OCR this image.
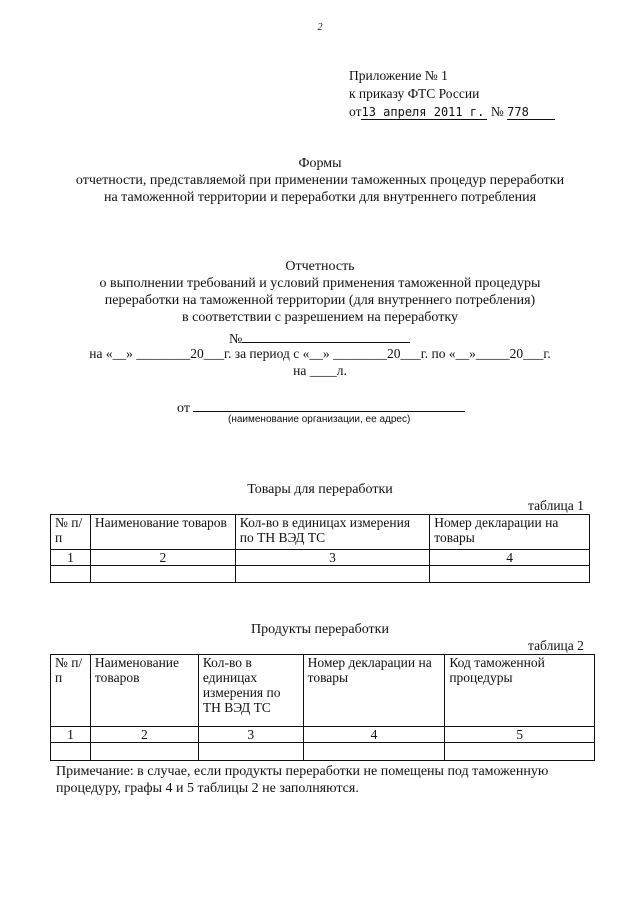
2
Приложение № 1
к приказу ФТС России
от13 апреля 2011 г. № 778
Формы
отчетности, представляемой при применении таможенных процедур переработки
на таможенной территории и переработки для внутреннего потребления
Отчетность
о выполнении требований и условий применения таможенной процедуры
переработки на таможенной территории (для внутреннего потребления)
в соответствии с разрешением на переработку
№
на «__» ________20___г. за период с «__» ________20___г. по «__»_____20___г.
на ____л.
от
(наименование организации, ее адрес)
Товары для переработки
таблица 1
№ п/п	Наименование товаров	Кол-во в единицах измерения по ТН ВЭД ТС	Номер декларации на товары
1	2	3	4

Продукты переработки
таблица 2
№ п/п	Наименование товаров	Кол-во в единицах измерения по ТН ВЭД ТС	Номер декларации на товары	Код таможенной процедуры
1	2	3	4	5

Примечание: в случае, если продукты переработки не помещены под таможенную
процедуру, графы 4 и 5 таблицы 2 не заполняются.
